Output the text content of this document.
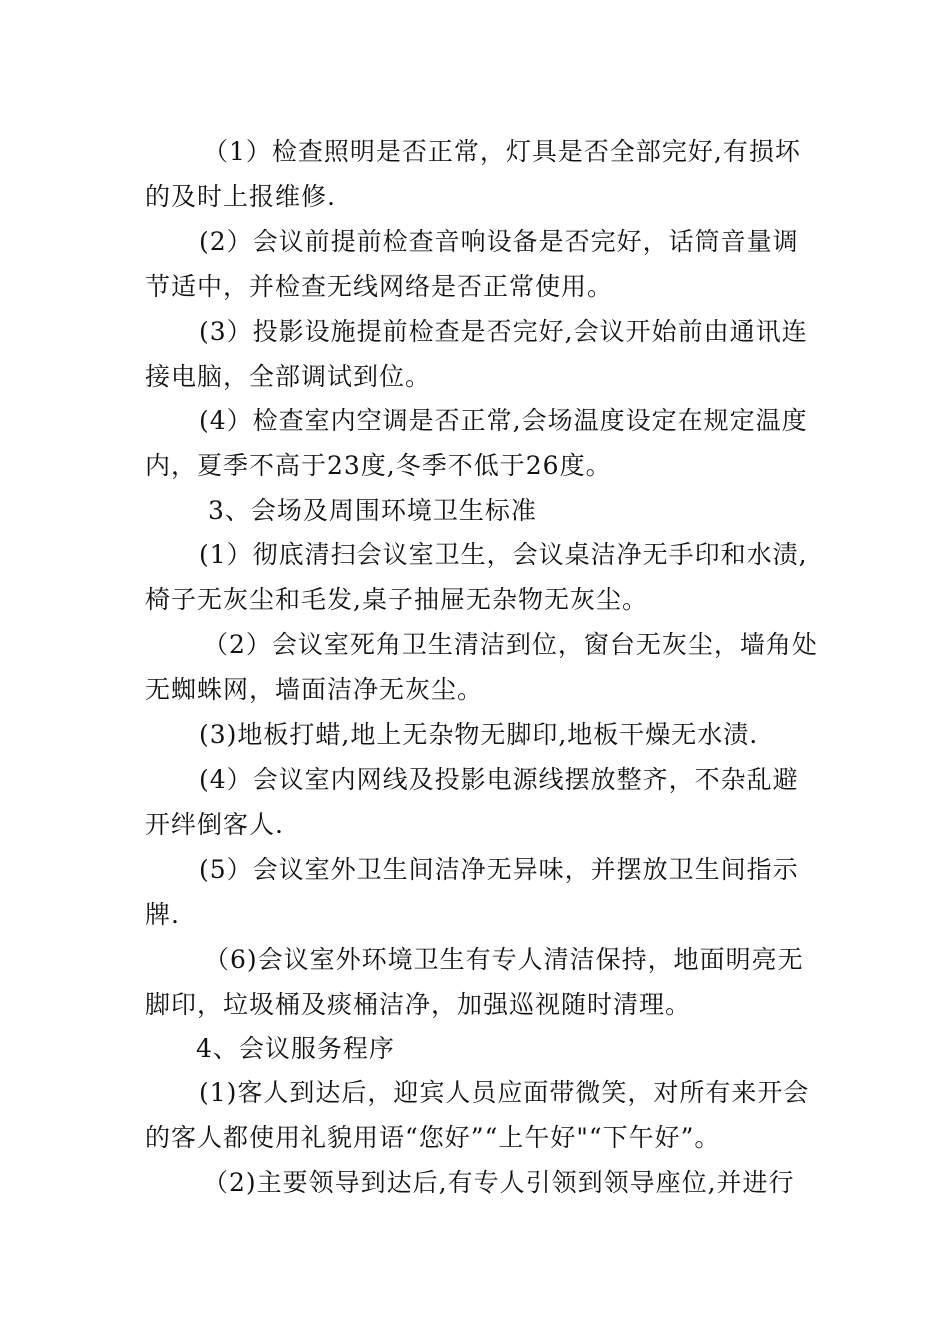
（1）检查照明是否正常，灯具是否全部完好,有损坏
的及时上报维修.
(2）会议前提前检查音响设备是否完好，话筒音量调
节适中，并检查无线网络是否正常使用。
(3）投影设施提前检查是否完好,会议开始前由通讯连
接电脑，全部调试到位。
(4）检查室内空调是否正常,会场温度设定在规定温度
内，夏季不高于23度,冬季不低于26度。
3、会场及周围环境卫生标准
(1）彻底清扫会议室卫生，会议桌洁净无手印和水渍,
椅子无灰尘和毛发,桌子抽屉无杂物无灰尘。
（2）会议室死角卫生清洁到位，窗台无灰尘，墙角处
无蜘蛛网，墙面洁净无灰尘。
(3)地板打蜡,地上无杂物无脚印,地板干燥无水渍.
(4）会议室内网线及投影电源线摆放整齐，不杂乱避
开绊倒客人.
(5）会议室外卫生间洁净无异味，并摆放卫生间指示
牌.
（6)会议室外环境卫生有专人清洁保持，地面明亮无
脚印，垃圾桶及痰桶洁净，加强巡视随时清理。
4、会议服务程序
(1)客人到达后，迎宾人员应面带微笑，对所有来开会
的客人都使用礼貌用语“您好”“上午好"“下午好”。
（2)主要领导到达后,有专人引领到领导座位,并进行
